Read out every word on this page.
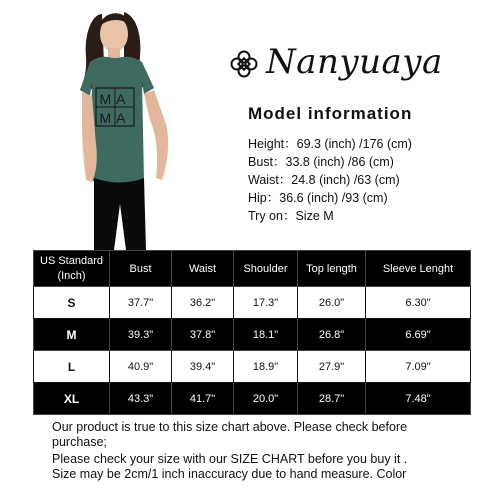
MA
MA
Nanyuaya
Model information
Height：69.3 (inch) /176 (cm)
Bust：33.8 (inch) /86 (cm)
Waist：24.8 (inch) /63 (cm)
Hip：36.6 (inch) /93 (cm)
Try on：Size M
US Standard
(Inch)	Bust	Waist	Shoulder	Top length	Sleeve Lenght
S	37.7"	36.2"	17.3"	26.0"	6.30"
M	39.3"	37.8"	18.1"	26.8"	6.69"
L	40.9"	39.4"	18.9"	27.9"	7.09"
XL	43.3"	41.7"	20.0"	28.7"	7.48"

Our product is true to this size chart above. Please check before

purchase;

Please check your size with our SIZE CHART before you buy it .

Size may be 2cm/1 inch inaccuracy due to hand measure. Color
